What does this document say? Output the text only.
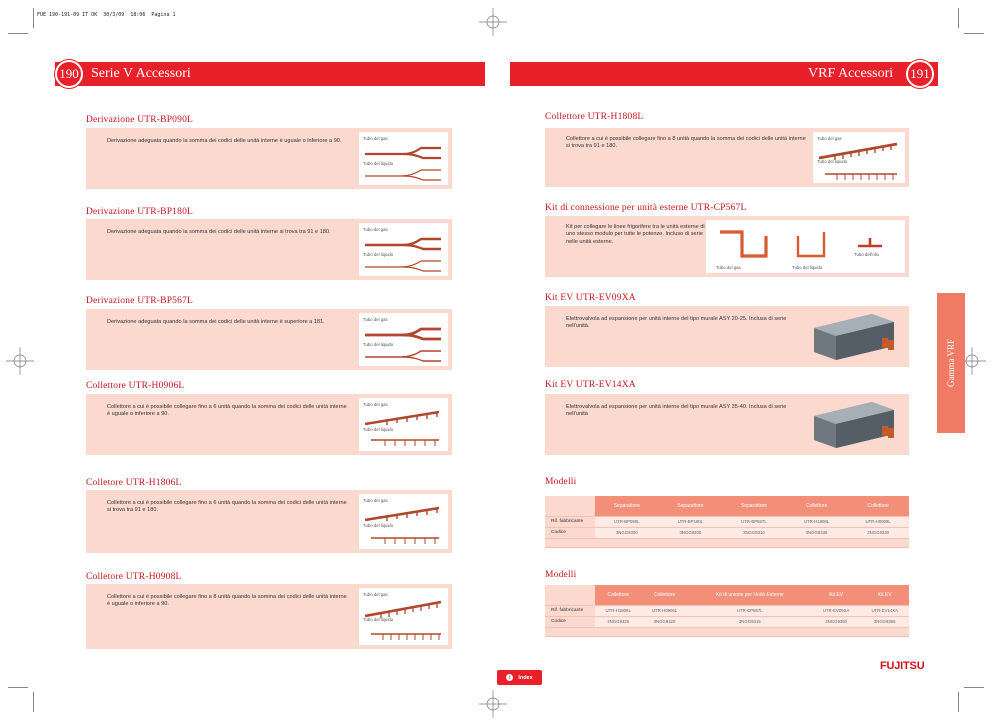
FUE 190-191-09 IT OK  30/3/09  18:06  Pagina 1
190	191
Serie V Accessori	VRF Accessori
Derivazione UTR-BP090L
Derivazione adeguata quando la somma dei codici delle unità interne è uguale o inferiore a 90.	Tubo del gas
Tubo del liquido
Derivazione UTR-BP180L
Derivazione adeguata quando la somma dei codici delle unità interne si trova tra 91 e 180.	Tubo del gas
Tubo del liquido
Derivazione UTR-BP567L
Derivazione adeguata quando la somma dei codici delle unità interne è superiore a 181.	Tubo del gas
Tubo del liquido
Collettore UTR-H0906L
Collettore a cui è possibile collegare fino a 6 unità quando la somma dei codici delle unità interne è uguale o inferiore a 90.
Tubo del gas
Tubo del liquido
Colletore UTR-H1806L
Collettore a cui è possibile collegare fino a 6 unità quando la somma dei codici delle unità interne si trova tra 91 e 180.
Tubo del gas
Tubo del liquido
Colletore UTR-H0908L
Collettore a cui è possibile collegare fino a 8 unità quando la somma dei codici delle unità interne è uguale o inferiore a 90.
Tubo del gas
Tubo del liquido
Collettore UTR-H1808L
Collettore a cui è possibile collegare fino a 8 unità quando la somma dei codici delle unità interne si trova tra 91 e 180.
Tubo del gas
Tubo del liquido
Kit di connessione per unità esterne UTR-CP567L
Kit per collegare le linee frigorifere tra le unità esterne di uno stesso modulo per tutte le potenze. Incluso di serie nelle unità esterne.
Tubo del gas	Tubo del liquido
Tubo dell'olio
Kit EV UTR-EV09XA
Elettrovalvola ad espansione per unità interne del tipo murale ASY 20-25. Inclusa di serie nell'unità.
Kit EV UTR-EV14XA
Elettrovalvola ad espansione per unità interne del tipo murale ASY 35-40. Inclusa di serie nell'unità
Gamma VRF
Modelli
	Separattore	Separattore	Separattore	Collettore	Collettore
Rif. fabbricante	UTR-BP090L	UTR-BP180L	UTR-BP567L	UTR-H1808L	UTR-H0908L
Codice	3NGG9300	3NGG9305	3NGG9310	3NGG9335	3NGG9330

Modelli
	Collettore	Collettore	Kit di unione per Unità Esterne	Kit EV	Kit EV
Rif. fabbricante	UTR-H1806L	UTR-H0906L	UTR-CP567L	UTR-EV09XA	UTR-EV14XA
Codice	3NGG9325	3NGG9320	3NGG9315	3NGG9350	3NGG9355

i	Index
FUJITSU
